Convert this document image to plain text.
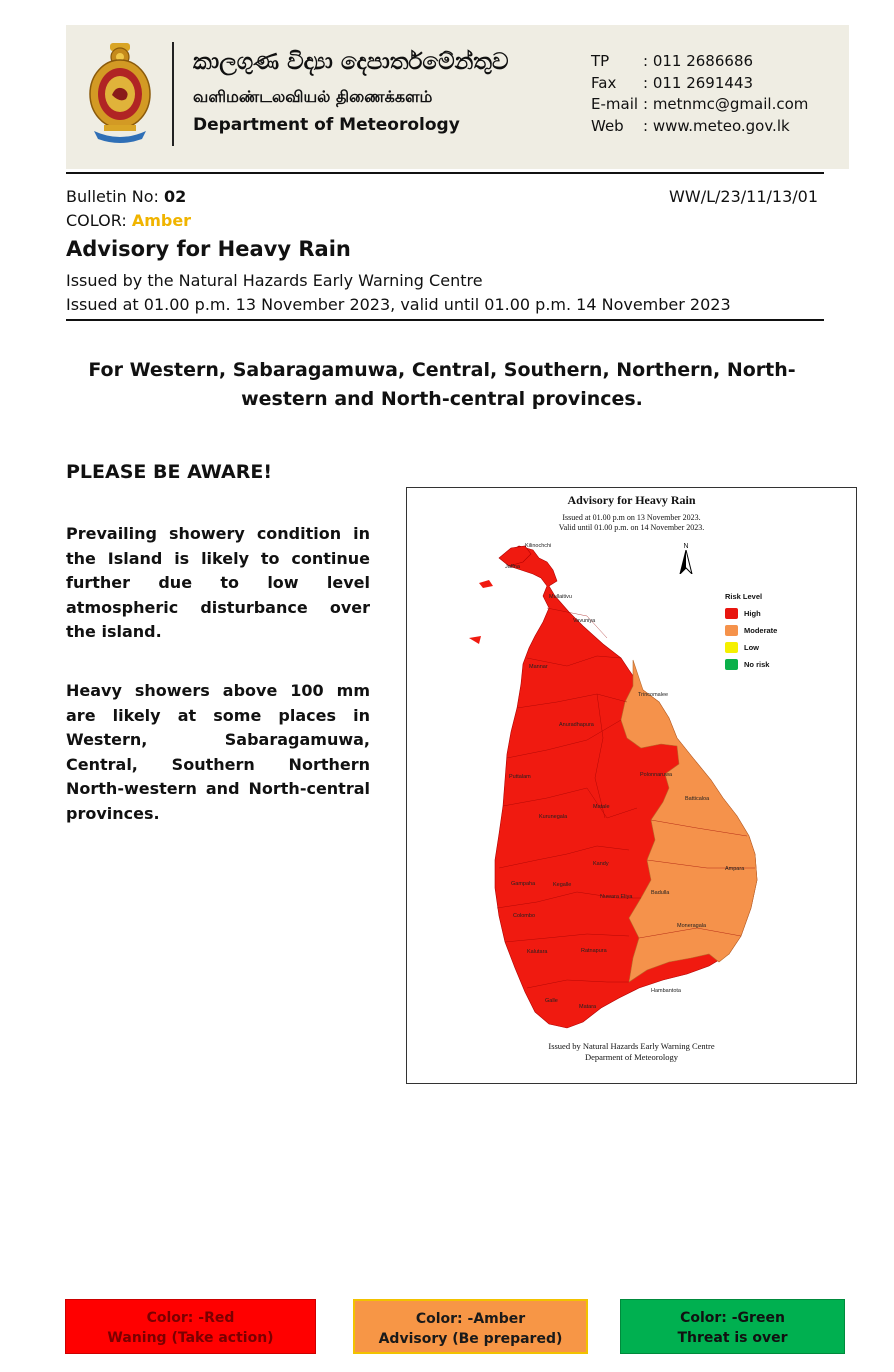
කාලගුණ විද්‍යා දෙපාර්තමේන්තුව
வளிமண்டலவியல் திணைக்களம்
Department of Meteorology
TP : 011 2686686
Fax : 011 2691443
E-mail : metnmc@gmail.com
Web : www.meteo.gov.lk
Bulletin No: 02	WW/L/23/11/13/01
COLOR: Amber
Advisory for Heavy Rain
Issued by the Natural Hazards Early Warning Centre
Issued at 01.00 p.m. 13 November 2023, valid until 01.00 p.m. 14 November 2023
For Western, Sabaragamuwa, Central, Southern, Northern, North-western and North-central provinces.
PLEASE BE AWARE!
Prevailing showery condition in the Island is likely to continue further due to low level atmospheric disturbance over the island.
Heavy showers above 100 mm are likely at some places in Western, Sabaragamuwa, Central, Southern Northern North-western and North-central provinces.
Advisory for Heavy Rain
Issued at 01.00 p.m on 13 November 2023.
Valid until 01.00 p.m. on 14 November 2023.
N
Jaffna
Kilinochchi
Mullaitivu
Vavuniya
Mannar
Trincomalee
Anuradhapura
Polonnaruwa
Puttalam
Batticaloa
Matale
Kurunegala
Kandy
Ampara
Gampaha	Kegalle
Nuwara Eliya
Badulla
Colombo
Moneragala
Kalutara	Ratnapura
Hambantota
Galle
Matara
Risk Level
High
Moderate
Low
No risk
Issued by Natural Hazards Early Warning Centre
Deparment of Meteorology
Color: -Red
Waning (Take action)
Color: -Amber
Advisory (Be prepared)
Color: -Green
Threat is over
